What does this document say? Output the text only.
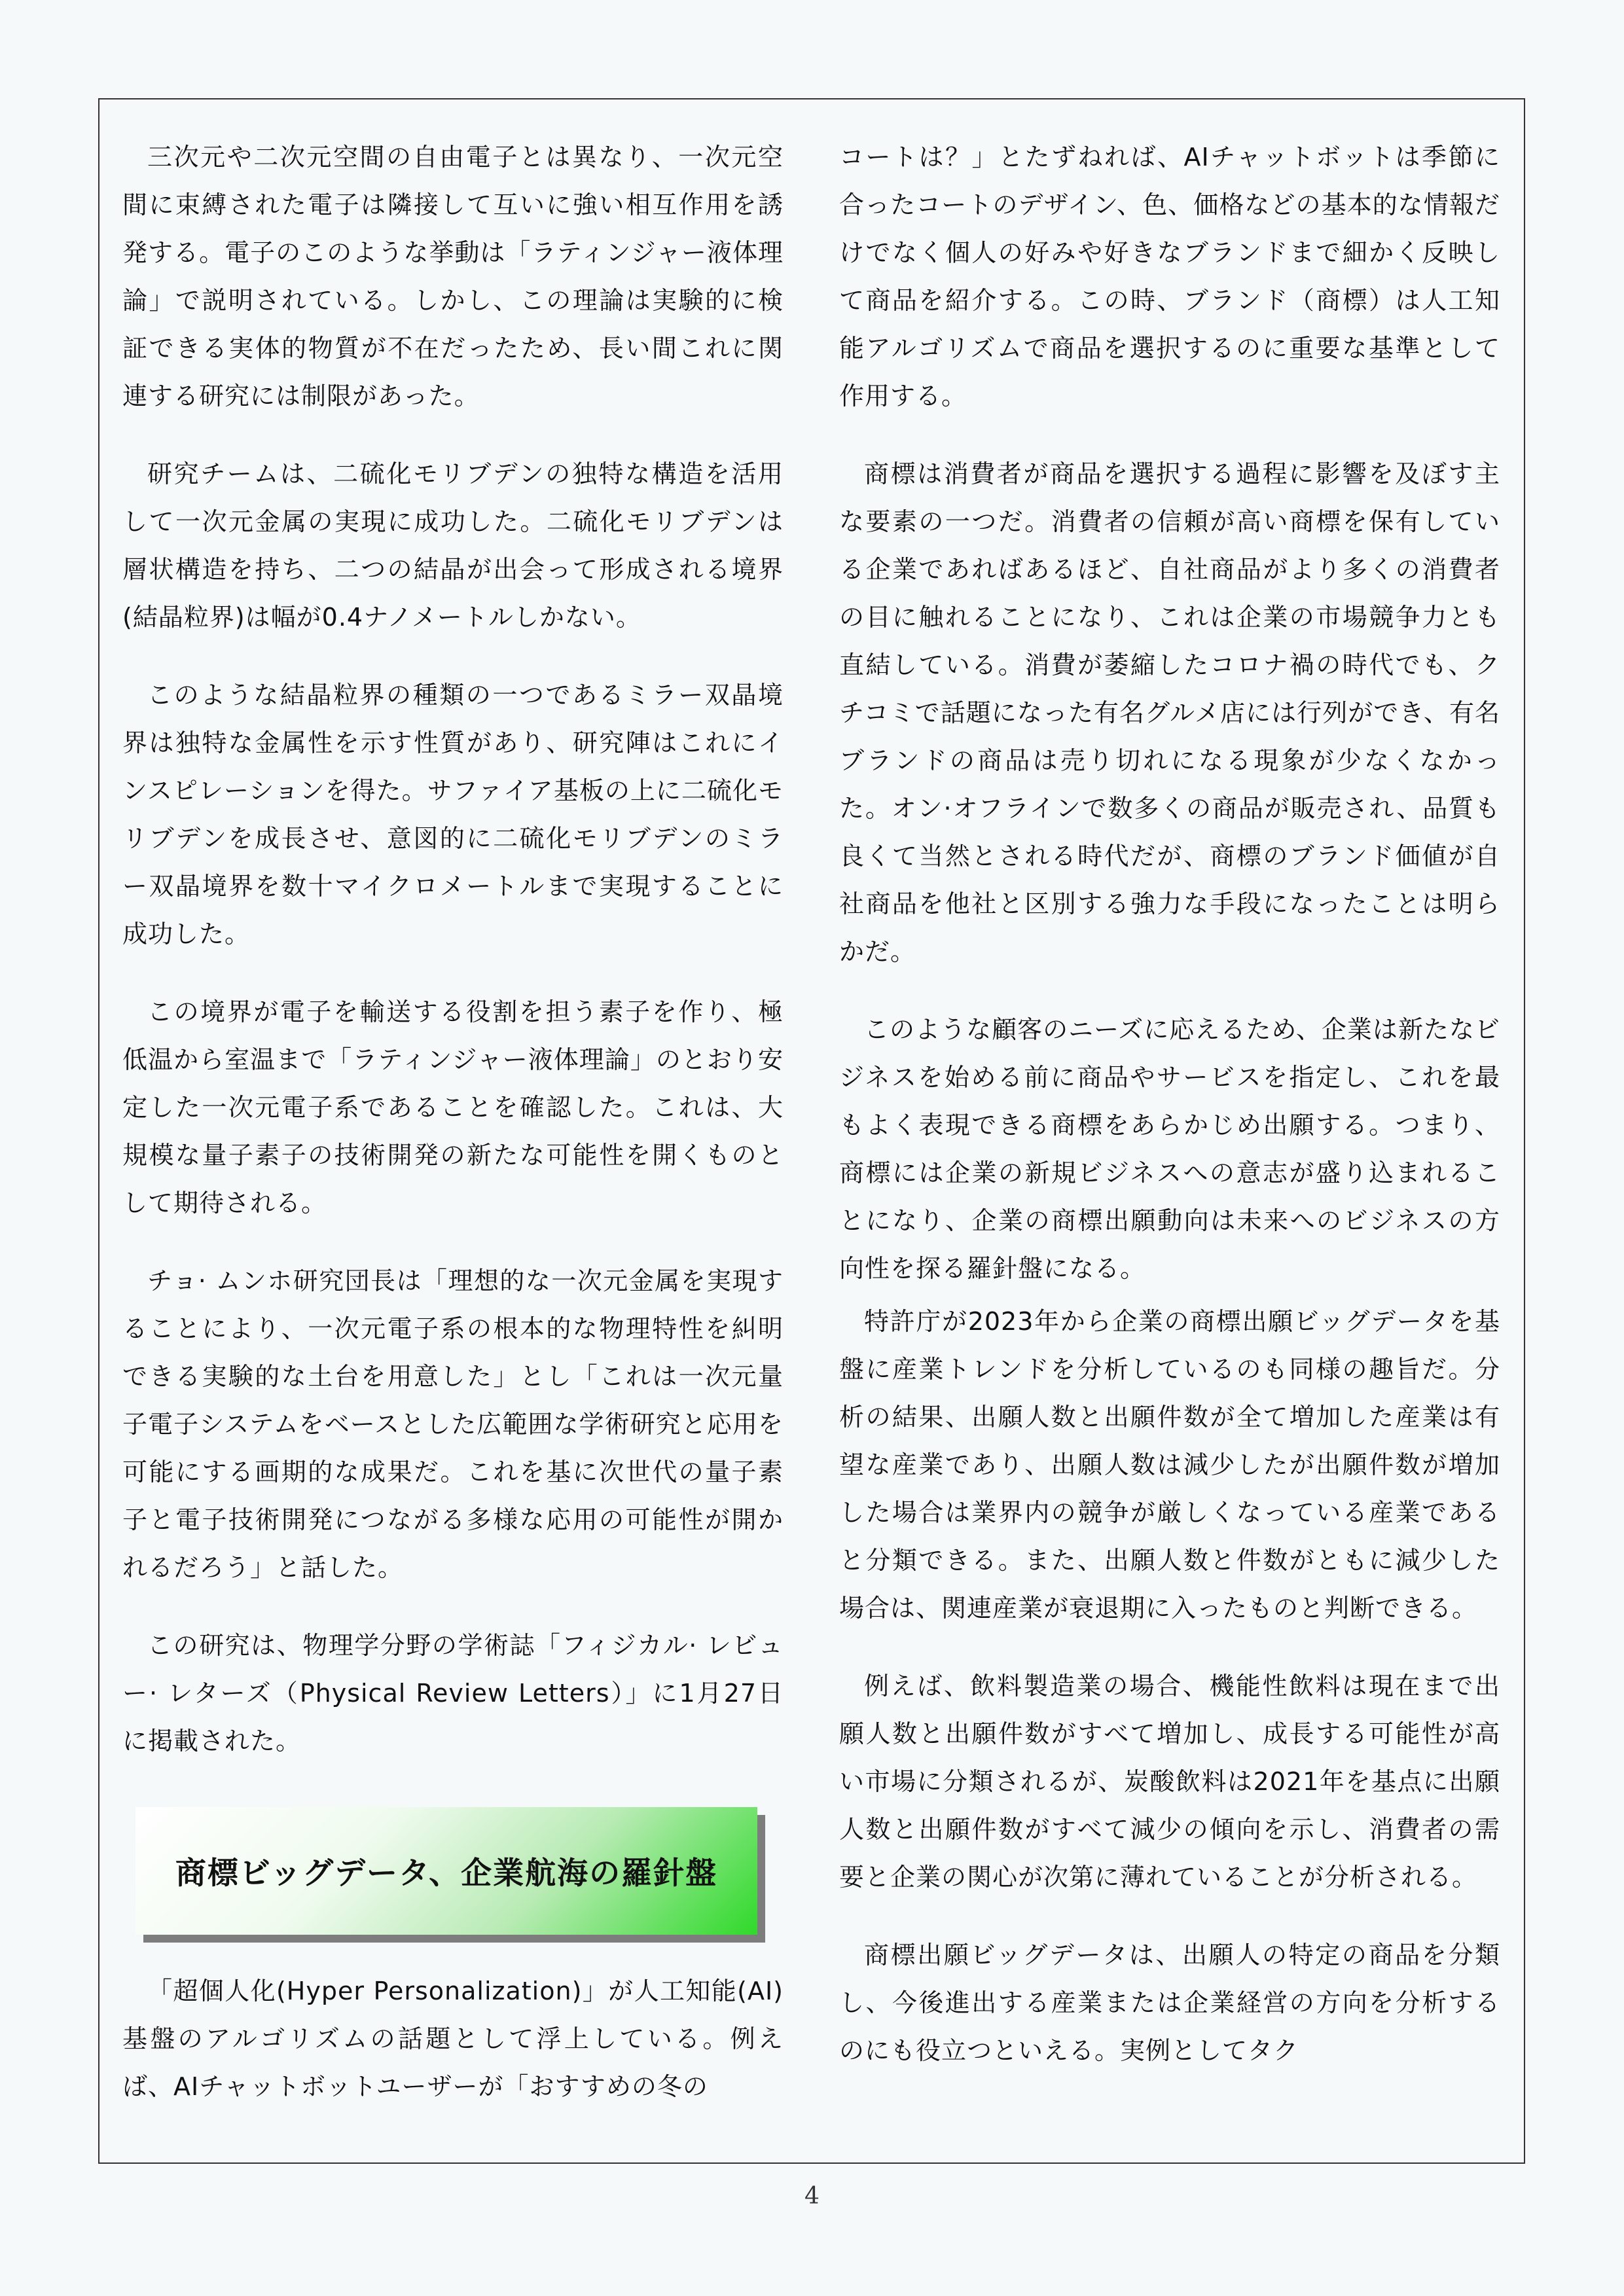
三次元や二次元空間の自由電子とは異なり、一次元空間に束縛された電子は隣接して互いに強い相互作用を誘発する。電子のこのような挙動は「ラティンジャー液体理論」で説明されている。しかし、この理論は実験的に検証できる実体的物質が不在だったため、長い間これに関連する研究には制限があった。

研究チームは、二硫化モリブデンの独特な構造を活用して一次元金属の実現に成功した。二硫化モリブデンは層状構造を持ち、二つの結晶が出会って形成される境界(結晶粒界)は幅が0.4ナノメートルしかない。

このような結晶粒界の種類の一つであるミラー双晶境界は独特な金属性を示す性質があり、研究陣はこれにインスピレーションを得た。サファイア基板の上に二硫化モリブデンを成長させ、意図的に二硫化モリブデンのミラー双晶境界を数十マイクロメートルまで実現することに成功した。

この境界が電子を輸送する役割を担う素子を作り、極低温から室温まで「ラティンジャー液体理論」のとおり安定した一次元電子系であることを確認した。これは、大規模な量子素子の技術開発の新たな可能性を開くものとして期待される。

チョ· ムンホ研究団長は「理想的な一次元金属を実現することにより、一次元電子系の根本的な物理特性を糾明できる実験的な土台を用意した」とし「これは一次元量子電子システムをベースとした広範囲な学術研究と応用を可能にする画期的な成果だ。これを基に次世代の量子素子と電子技術開発につながる多様な応用の可能性が開かれるだろう」と話した。

この研究は、物理学分野の学術誌「フィジカル· レビュー· レターズ（Physical Review Letters）」に1月27日に掲載された。

商標ビッグデータ、企業航海の羅針盤

「超個人化(Hyper Personalization)」が人工知能(AI)基盤のアルゴリズムの話題として浮上している。例えば、AIチャットボットユーザーが「おすすめの冬の

コートは？」とたずねれば、AIチャットボットは季節に合ったコートのデザイン、色、価格などの基本的な情報だけでなく個人の好みや好きなブランドまで細かく反映して商品を紹介する。この時、ブランド（商標）は人工知能アルゴリズムで商品を選択するのに重要な基準として作用する。

商標は消費者が商品を選択する過程に影響を及ぼす主な要素の一つだ。消費者の信頼が高い商標を保有している企業であればあるほど、自社商品がより多くの消費者の目に触れることになり、これは企業の市場競争力とも直結している。消費が萎縮したコロナ禍の時代でも、クチコミで話題になった有名グルメ店には行列ができ、有名ブランドの商品は売り切れになる現象が少なくなかった。オン·オフラインで数多くの商品が販売され、品質も良くて当然とされる時代だが、商標のブランド価値が自社商品を他社と区別する強力な手段になったことは明らかだ。

このような顧客のニーズに応えるため、企業は新たなビジネスを始める前に商品やサービスを指定し、これを最もよく表現できる商標をあらかじめ出願する。つまり、商標には企業の新規ビジネスへの意志が盛り込まれることになり、企業の商標出願動向は未来へのビジネスの方向性を探る羅針盤になる。

特許庁が2023年から企業の商標出願ビッグデータを基盤に産業トレンドを分析しているのも同様の趣旨だ。分析の結果、出願人数と出願件数が全て増加した産業は有望な産業であり、出願人数は減少したが出願件数が増加した場合は業界内の競争が厳しくなっている産業であると分類できる。また、出願人数と件数がともに減少した場合は、関連産業が衰退期に入ったものと判断できる。

例えば、飲料製造業の場合、機能性飲料は現在まで出願人数と出願件数がすべて増加し、成長する可能性が高い市場に分類されるが、炭酸飲料は2021年を基点に出願人数と出願件数がすべて減少の傾向を示し、消費者の需要と企業の関心が次第に薄れていることが分析される。

商標出願ビッグデータは、出願人の特定の商品を分類し、今後進出する産業または企業経営の方向を分析するのにも役立つといえる。実例としてタク

4
